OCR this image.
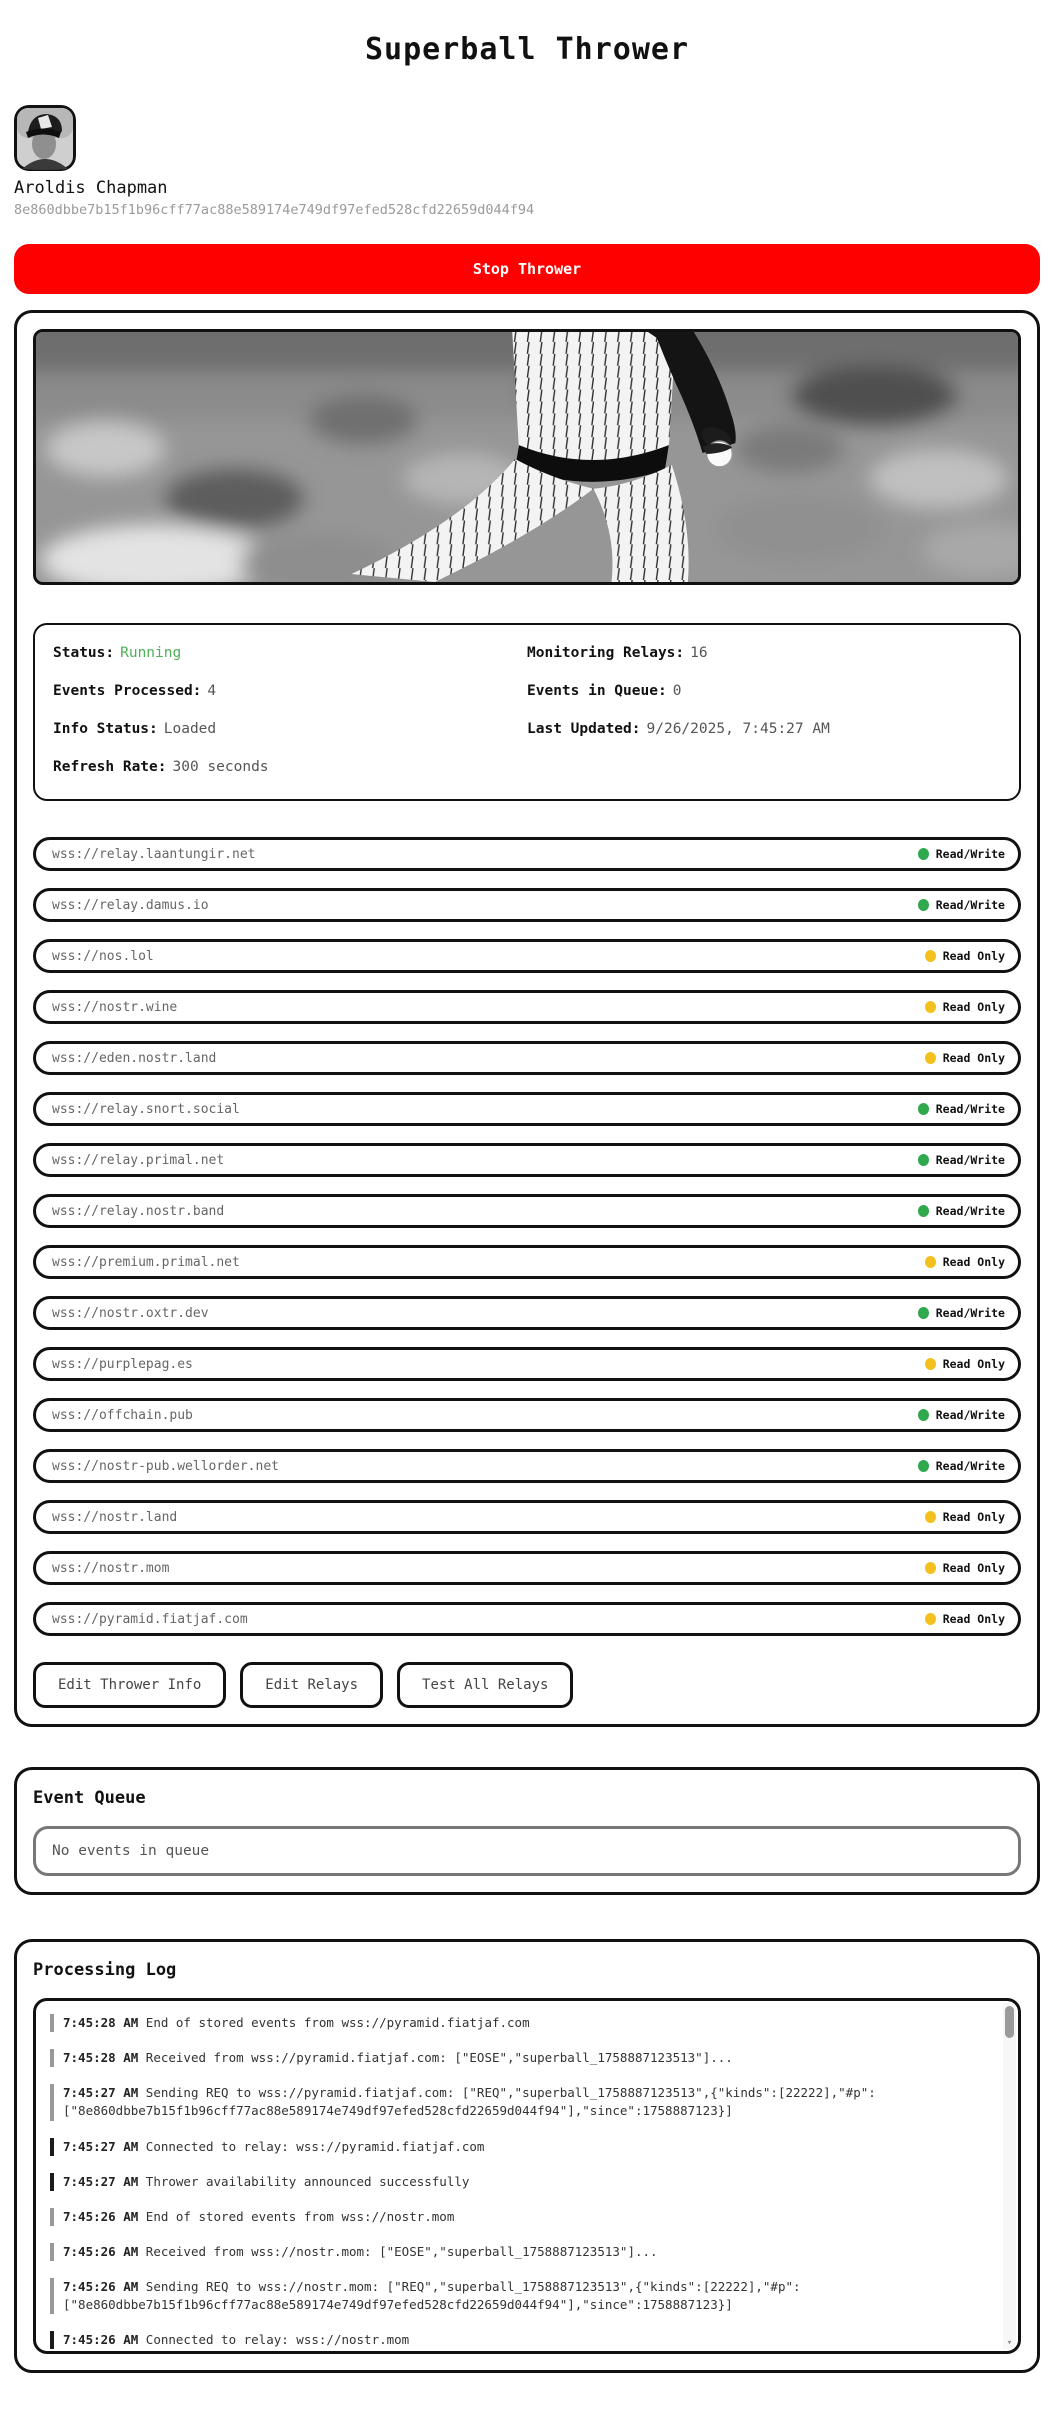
Superball Thrower
Aroldis Chapman
8e860dbbe7b15f1b96cff77ac88e589174e749df97efed528cfd22659d044f94
Stop Thrower
Status: Running	Monitoring Relays: 16
Events Processed: 4	Events in Queue: 0
Info Status: Loaded	Last Updated: 9/26/2025, 7:45:27 AM
Refresh Rate: 300 seconds
wss://relay.laantungir.net	Read/Write
wss://relay.damus.io	Read/Write
wss://nos.lol	Read Only
wss://nostr.wine	Read Only
wss://eden.nostr.land	Read Only
wss://relay.snort.social	Read/Write
wss://relay.primal.net	Read/Write
wss://relay.nostr.band	Read/Write
wss://premium.primal.net	Read Only
wss://nostr.oxtr.dev	Read/Write
wss://purplepag.es	Read Only
wss://offchain.pub	Read/Write
wss://nostr-pub.wellorder.net	Read/Write
wss://nostr.land	Read Only
wss://nostr.mom	Read Only
wss://pyramid.fiatjaf.com	Read Only
Edit Thrower Info	Edit Relays	Test All Relays
Event Queue
No events in queue
Processing Log
7:45:28 AM End of stored events from wss://pyramid.fiatjaf.com
7:45:28 AM Received from wss://pyramid.fiatjaf.com: ["EOSE","superball_1758887123513"]...
7:45:27 AM Sending REQ to wss://pyramid.fiatjaf.com: ["REQ","superball_1758887123513",{"kinds":[22222],"#p":["8e860dbbe7b15f1b96cff77ac88e589174e749df97efed528cfd22659d044f94"],"since":1758887123}]
7:45:27 AM Connected to relay: wss://pyramid.fiatjaf.com
7:45:27 AM Thrower availability announced successfully
7:45:26 AM End of stored events from wss://nostr.mom
7:45:26 AM Received from wss://nostr.mom: ["EOSE","superball_1758887123513"]...
7:45:26 AM Sending REQ to wss://nostr.mom: ["REQ","superball_1758887123513",{"kinds":[22222],"#p":["8e860dbbe7b15f1b96cff77ac88e589174e749df97efed528cfd22659d044f94"],"since":1758887123}]
7:45:26 AM Connected to relay: wss://nostr.mom	▾
